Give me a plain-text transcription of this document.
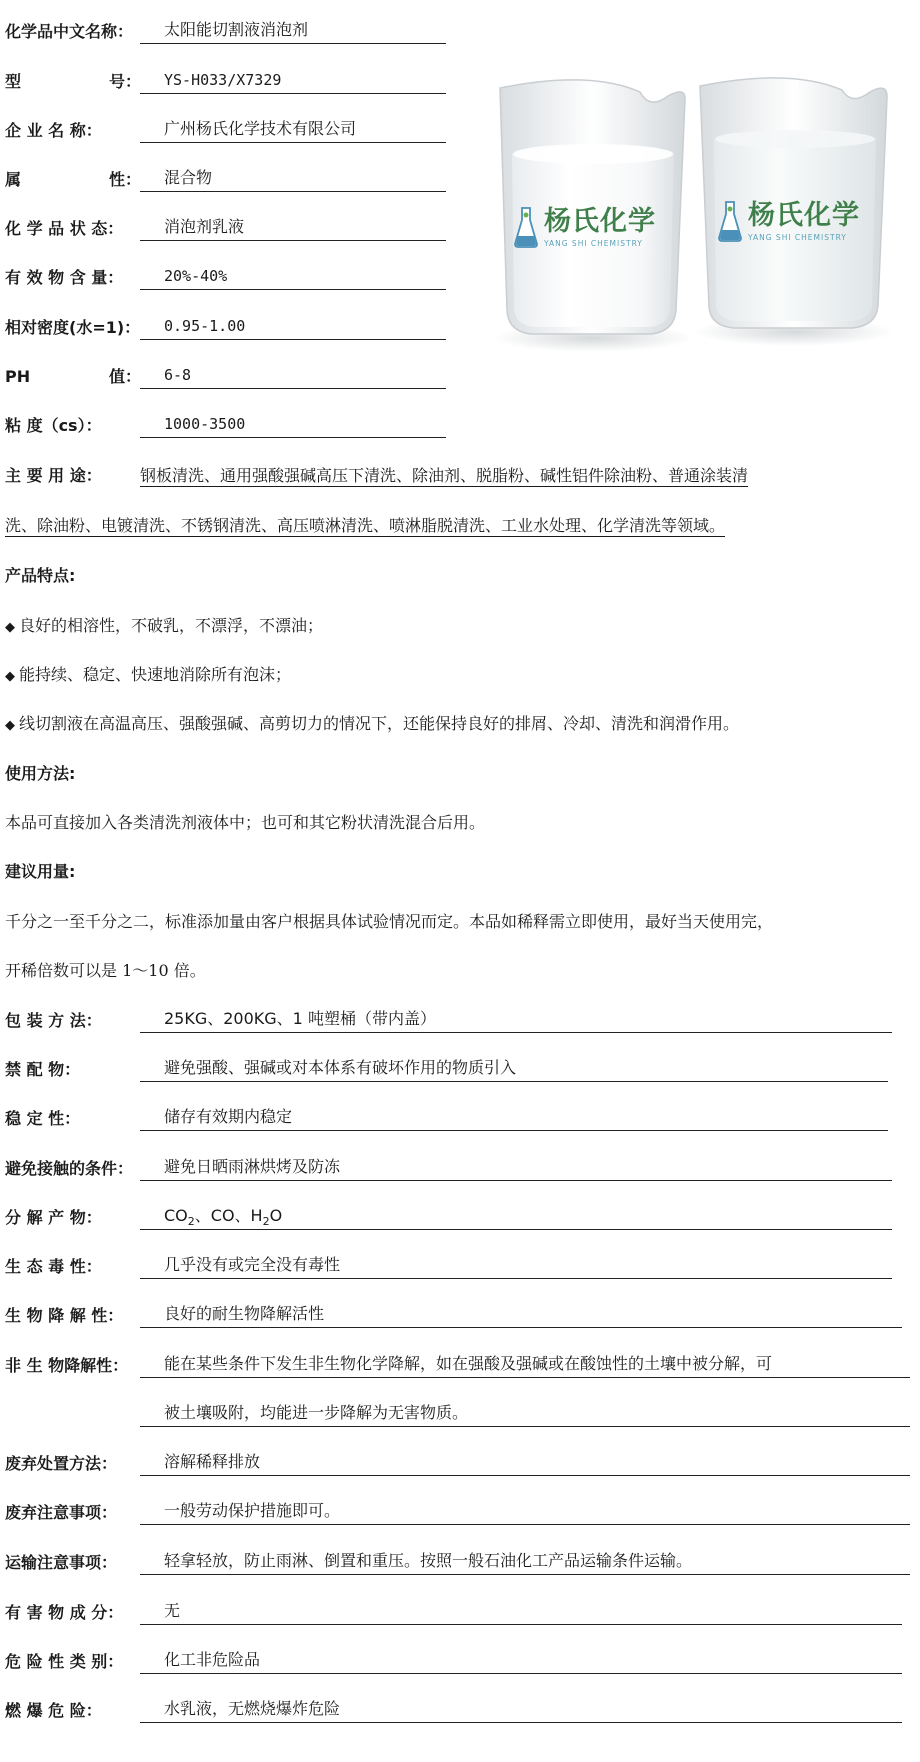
化学品中文名称：	太阳能切割液消泡剂
型	号：	YS-H033/X7329
企 业 名 称：	广州杨氏化学技术有限公司
属	性：	混合物
化 学 品 状 态：	消泡剂乳液
有 效 物 含 量：	20%-40%
相对密度(水=1)：	0.95-1.00
PH	值：	6-8
粘 度（cs）：	1000-3500
杨氏化学
YANG SHI CHEMISTRY
杨氏化学
YANG SHI CHEMISTRY
主 要 用 途： 钢板清洗、通用强酸强碱高压下清洗、除油剂、脱脂粉、碱性铝件除油粉、普通涂装清
洗、除油粉、电镀清洗、不锈钢清洗、高压喷淋清洗、喷淋脂脱清洗、工业水处理、化学清洗等领域。
产品特点:
◆ 良好的相溶性，不破乳，不漂浮，不漂油；
◆ 能持续、稳定、快速地消除所有泡沫；
◆ 线切割液在高温高压、强酸强碱、高剪切力的情况下，还能保持良好的排屑、冷却、清洗和润滑作用。
使用方法:
本品可直接加入各类清洗剂液体中；也可和其它粉状清洗混合后用。
建议用量:
千分之一至千分之二，标准添加量由客户根据具体试验情况而定。本品如稀释需立即使用，最好当天使用完，
开稀倍数可以是 1～10 倍。
包 装 方 法：	25KG、200KG、1 吨塑桶（带内盖）
禁 配 物：	避免强酸、强碱或对本体系有破坏作用的物质引入
稳 定 性：	储存有效期内稳定
避免接触的条件：	避免日晒雨淋烘烤及防冻
分 解 产 物：	$CO_2$、CO、$H_2O$
生 态 毒 性：	几乎没有或完全没有毒性
生 物 降 解 性：	良好的耐生物降解活性
非 生 物降解性：	能在某些条件下发生非生物化学降解，如在强酸及强碱或在酸蚀性的土壤中被分解，可
被土壤吸附，均能进一步降解为无害物质。
废弃处置方法：	溶解稀释排放
废弃注意事项：	一般劳动保护措施即可。
运输注意事项：	轻拿轻放，防止雨淋、倒置和重压。按照一般石油化工产品运输条件运输。
有 害 物 成 分：	无
危 险 性 类 别：	化工非危险品
燃 爆 危 险：	水乳液，无燃烧爆炸危险
